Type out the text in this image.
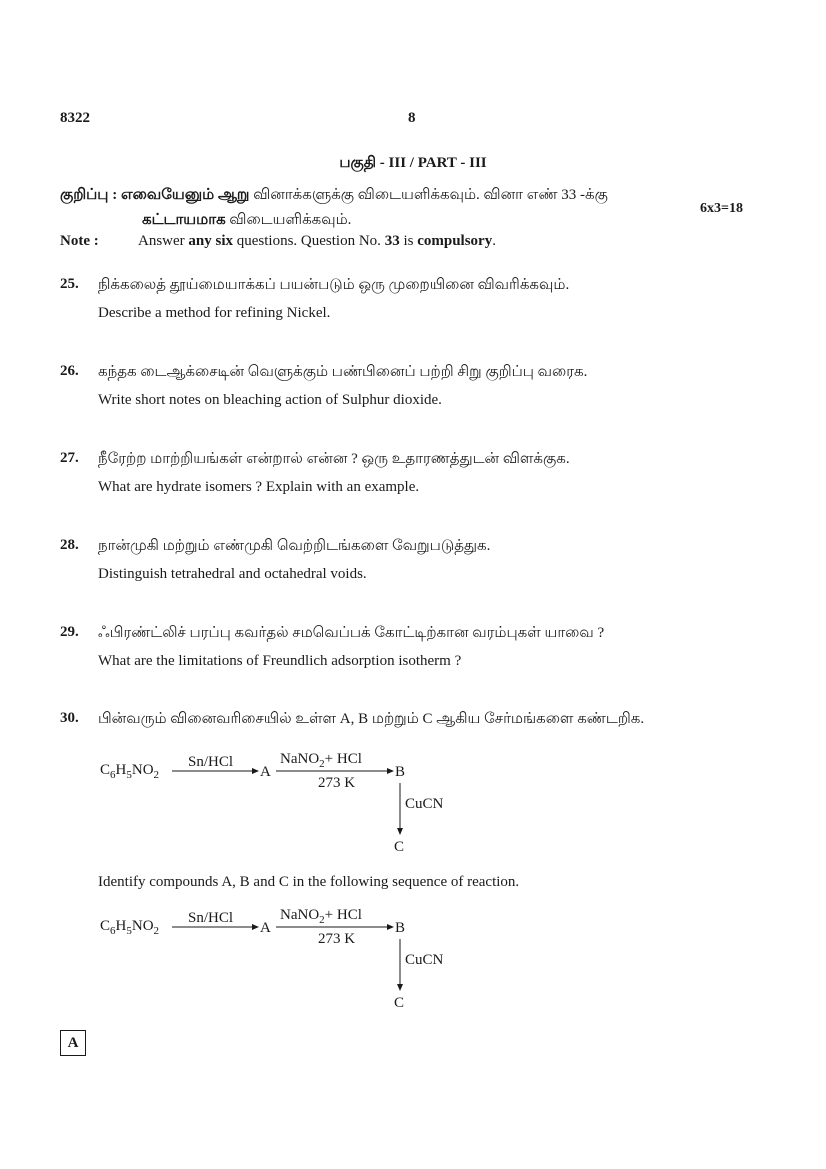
8322	8
பகுதி - III / PART - III
குறிப்பு : எவையேனும் ஆறு வினாக்களுக்கு விடையளிக்கவும். வினா எண் 33 -க்கு
கட்டாயமாக விடையளிக்கவும்.
6x3=18
Note :	Answer any six questions. Question No. 33 is compulsory.
25. நிக்கலைத் தூய்மையாக்கப் பயன்படும் ஒரு முறையினை விவரிக்கவும்.
Describe a method for refining Nickel.
26. கந்தக டைஆக்சைடின் வெளுக்கும் பண்பினைப் பற்றி சிறு குறிப்பு வரைக.
Write short notes on bleaching action of Sulphur dioxide.
27. நீரேற்ற மாற்றியங்கள் என்றால் என்ன ? ஒரு உதாரணத்துடன் விளக்குக.
What are hydrate isomers ? Explain with an example.
28. நான்முகி மற்றும் எண்முகி வெற்றிடங்களை வேறுபடுத்துக.
Distinguish tetrahedral and octahedral voids.
29. ஃபிரண்ட்லிச் பரப்பு கவர்தல் சமவெப்பக் கோட்டிற்கான வரம்புகள் யாவை ?
What are the limitations of Freundlich adsorption isotherm ?
30. பின்வரும் வினைவரிசையில் உள்ள A, B மற்றும் C ஆகிய சேர்மங்களை கண்டறிக.
$C_6H_5NO_2$
Sn/HCl
A
NaNO$_2$+ HCl
273 K
B
CuCN
C
Identify compounds A, B and C in the following sequence of reaction.
$C_6H_5NO_2$
Sn/HCl
A
NaNO$_2$+ HCl
273 K
B
CuCN
C
A
